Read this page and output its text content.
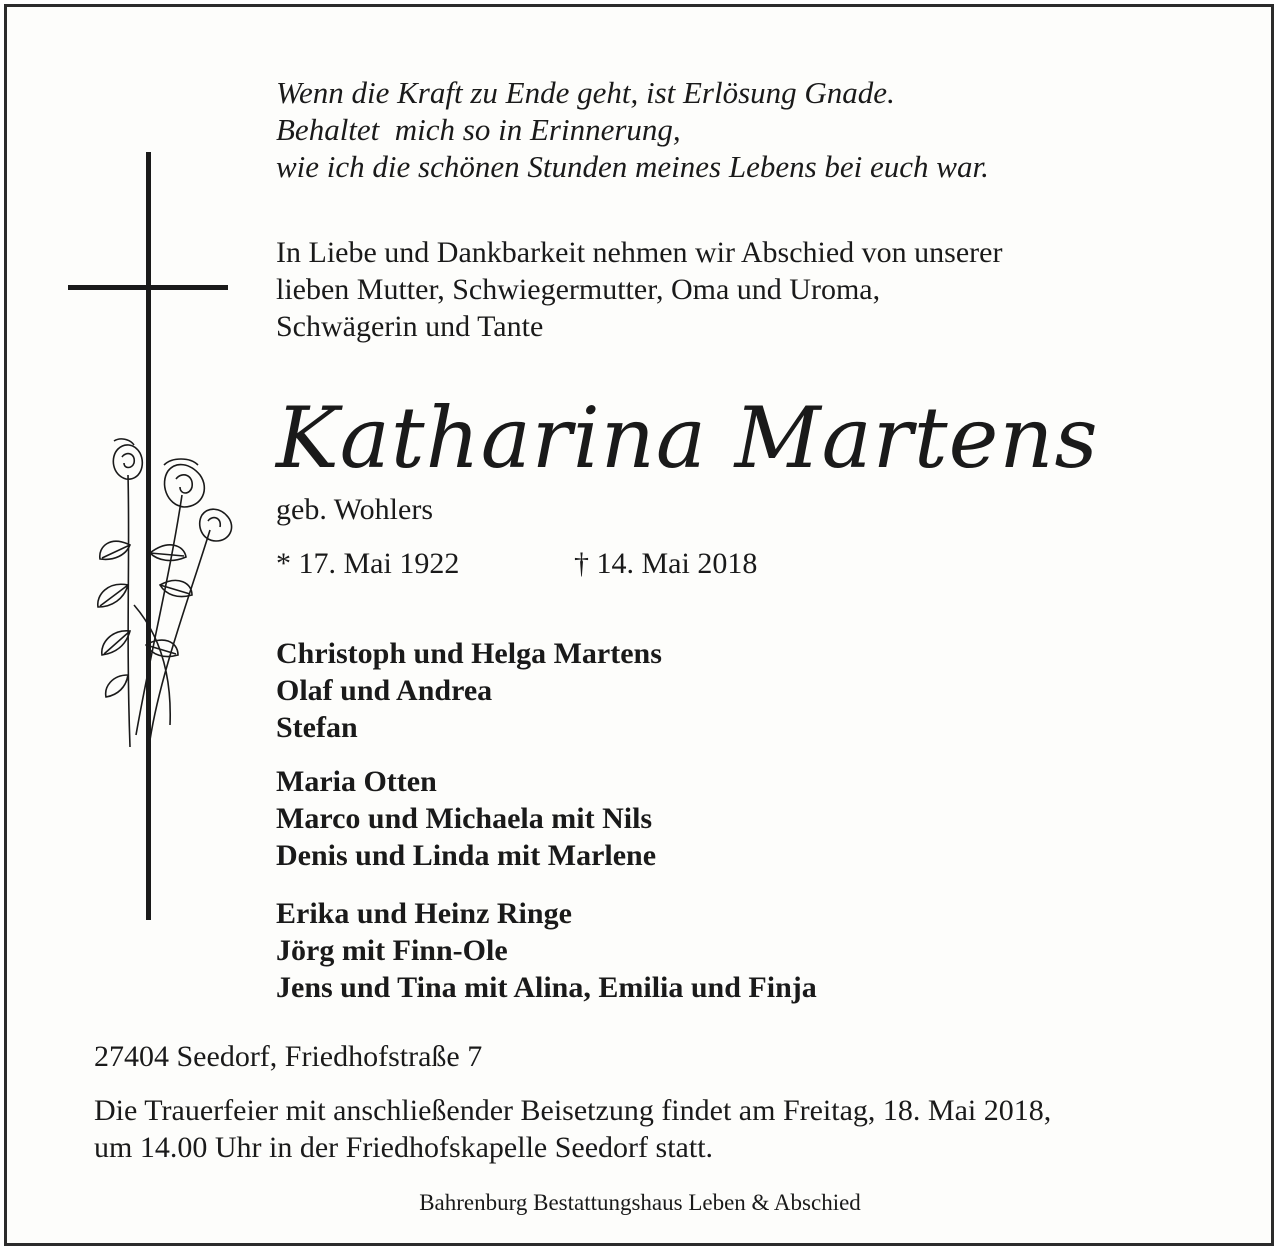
Wenn die Kraft zu Ende geht, ist Erlösung Gnade.
Behaltet  mich so in Erinnerung,
wie ich die schönen Stunden meines Lebens bei euch war.
In Liebe und Dankbarkeit nehmen wir Abschied von unserer
lieben Mutter, Schwiegermutter, Oma und Uroma,
Schwägerin und Tante
Katharina Martens
geb. Wohlers
* 17. Mai 1922	† 14. Mai 2018
Christoph und Helga Martens
Olaf und Andrea
Stefan
Maria Otten
Marco und Michaela mit Nils
Denis und Linda mit Marlene
Erika und Heinz Ringe
Jörg mit Finn-Ole
Jens und Tina mit Alina, Emilia und Finja
27404 Seedorf, Friedhofstraße 7
Die Trauerfeier mit anschließender Beisetzung findet am Freitag, 18. Mai 2018,
um 14.00 Uhr in der Friedhofskapelle Seedorf statt.
Bahrenburg Bestattungshaus Leben & Abschied
